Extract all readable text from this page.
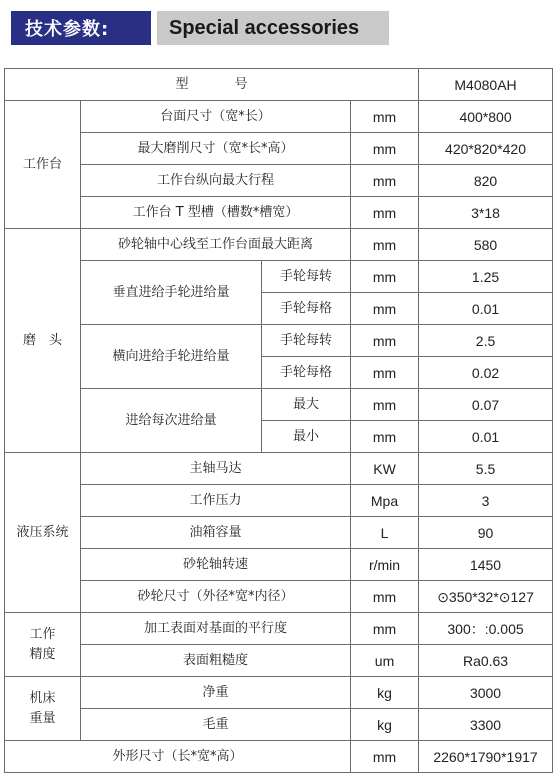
技术参数:	Special accessories
型 号				M4080AH
工作台	台面尺寸（宽*长）		mm	400*800
	最大磨削尺寸（宽*长*高）		mm	420*820*420
	工作台纵向最大行程		mm	820
	工作台 T 型槽（槽数*槽宽）		mm	3*18
磨　头	砂轮轴中心线至工作台面最大距离		mm	580
	垂直进给手轮进给量	手轮每转	mm	1.25
		手轮每格	mm	0.01
	横向进给手轮进给量	手轮每转	mm	2.5
		手轮每格	mm	0.02
	进给每次进给量	最大	mm	0.07
		最小	mm	0.01
液压系统	主轴马达		KW	5.5
	工作压力		Mpa	3
	油箱容量		L	90
	砂轮轴转速		r/min	1450
	砂轮尺寸（外径*宽*内径）		mm	⊙350*32*⊙127
工作
精度	加工表面对基面的平行度		mm	300：:0.005
	表面粗糙度		um	Ra0.63
机床
重量	净重		kg	3000
	毛重		kg	3300
外形尺寸（长*宽*高）			mm	2260*1790*1917
